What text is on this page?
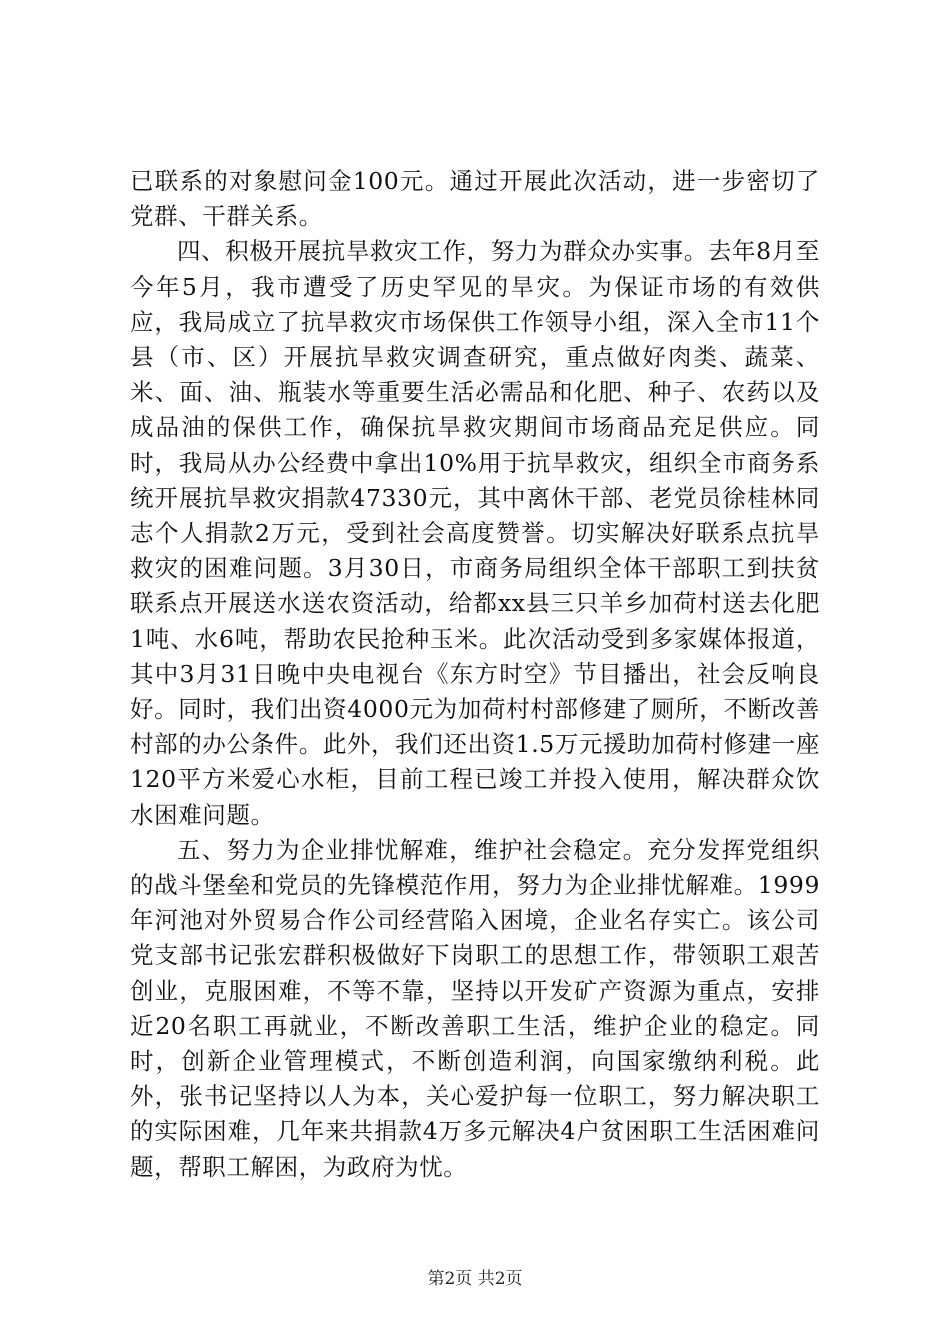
已联系的对象慰问金100元。通过开展此次活动，进一步密切了党群、干群关系。

四、积极开展抗旱救灾工作，努力为群众办实事。去年8月至今年5月，我市遭受了历史罕见的旱灾。为保证市场的有效供应，我局成立了抗旱救灾市场保供工作领导小组，深入全市11个县（市、区）开展抗旱救灾调查研究，重点做好肉类、蔬菜、米、面、油、瓶装水等重要生活必需品和化肥、种子、农药以及成品油的保供工作，确保抗旱救灾期间市场商品充足供应。同时，我局从办公经费中拿出10%用于抗旱救灾，组织全市商务系统开展抗旱救灾捐款47330元，其中离休干部、老党员徐桂林同志个人捐款2万元，受到社会高度赞誉。切实解决好联系点抗旱救灾的困难问题。3月30日，市商务局组织全体干部职工到扶贫联系点开展送水送农资活动，给都xx县三只羊乡加荷村送去化肥1吨、水6吨，帮助农民抢种玉米。此次活动受到多家媒体报道，其中3月31日晚中央电视台《东方时空》节目播出，社会反响良好。同时，我们出资4000元为加荷村村部修建了厕所，不断改善村部的办公条件。此外，我们还出资1.5万元援助加荷村修建一座120平方米爱心水柜，目前工程已竣工并投入使用，解决群众饮水困难问题。

五、努力为企业排忧解难，维护社会稳定。充分发挥党组织的战斗堡垒和党员的先锋模范作用，努力为企业排忧解难。1999年河池对外贸易合作公司经营陷入困境，企业名存实亡。该公司党支部书记张宏群积极做好下岗职工的思想工作，带领职工艰苦创业，克服困难，不等不靠，坚持以开发矿产资源为重点，安排近20名职工再就业，不断改善职工生活，维护企业的稳定。同时，创新企业管理模式，不断创造利润，向国家缴纳利税。此外，张书记坚持以人为本，关心爱护每一位职工，努力解决职工的实际困难，几年来共捐款4万多元解决4户贫困职工生活困难问题，帮职工解困，为政府为忧。

第2页 共2页
